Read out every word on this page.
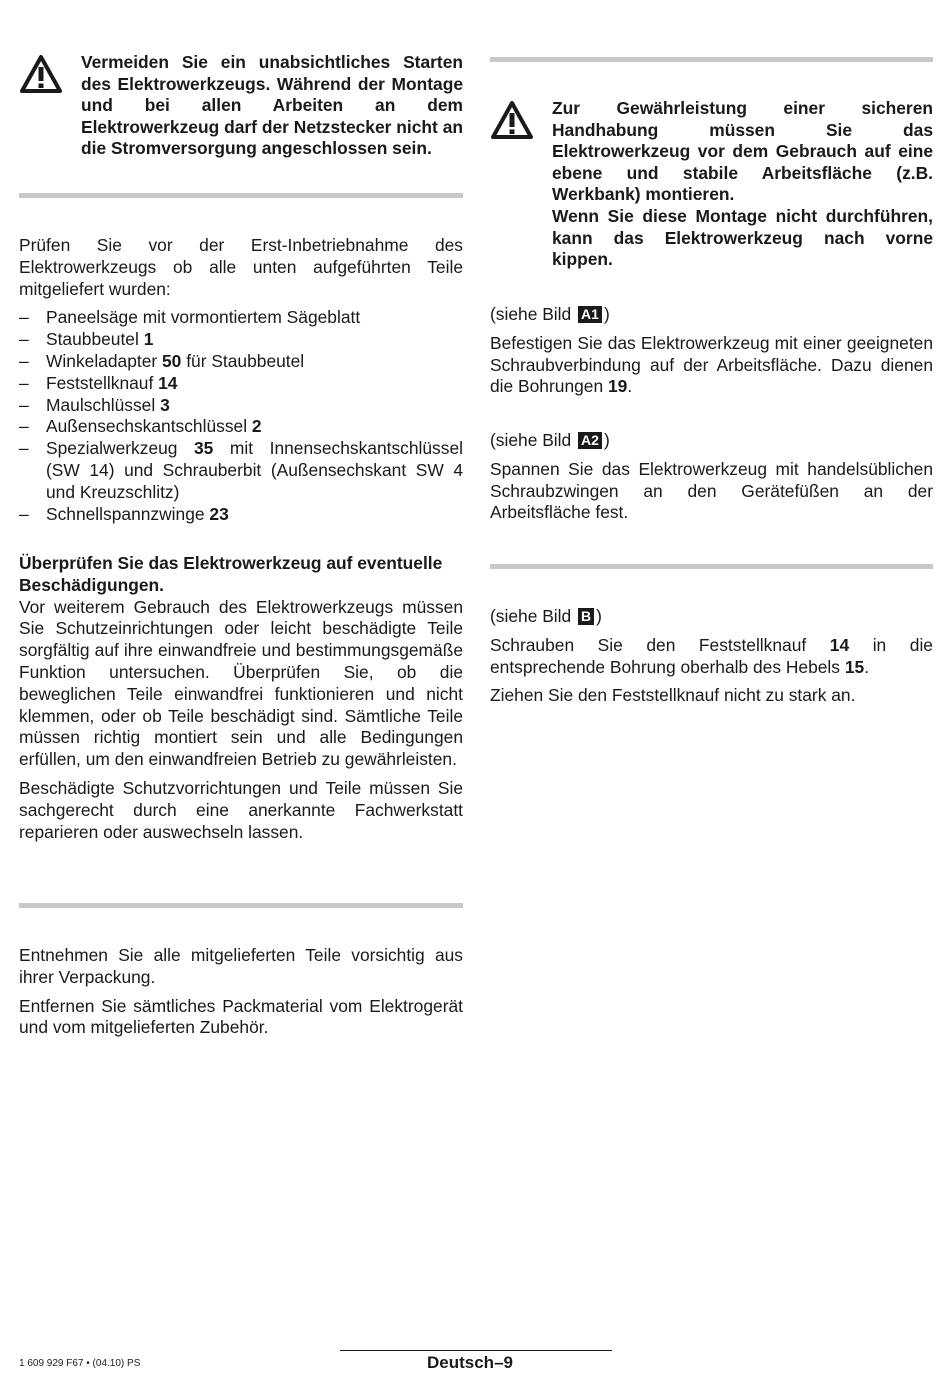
Vermeiden Sie ein unabsichtliches Starten des Elektrowerkzeugs. Während der Montage und bei allen Arbeiten an dem Elektrowerkzeug darf der Netzstecker nicht an die Stromversorgung angeschlossen sein.

Prüfen Sie vor der Erst-Inbetriebnahme des Elektrowerkzeugs ob alle unten aufgeführten Teile mitgeliefert wurden:

– Paneelsäge mit vormontiertem Sägeblatt
– Staubbeutel 1
– Winkeladapter 50 für Staubbeutel
– Feststellknauf 14
– Maulschlüssel 3
– Außensechskantschlüssel 2
– Spezialwerkzeug 35 mit Innensechskantschlüssel (SW 14) und Schrauberbit (Außensechskant SW 4 und Kreuzschlitz)
– Schnellspannzwinge 23
Überprüfen Sie das Elektrowerkzeug auf eventuelle Beschädigungen.

Vor weiterem Gebrauch des Elektrowerkzeugs müssen Sie Schutzeinrichtungen oder leicht beschädigte Teile sorgfältig auf ihre einwandfreie und bestimmungsgemäße Funktion untersuchen. Überprüfen Sie, ob die beweglichen Teile einwandfrei funktionieren und nicht klemmen, oder ob Teile beschädigt sind. Sämtliche Teile müssen richtig montiert sein und alle Bedingungen erfüllen, um den einwandfreien Betrieb zu gewährleisten.

Beschädigte Schutzvorrichtungen und Teile müssen Sie sachgerecht durch eine anerkannte Fachwerkstatt reparieren oder auswechseln lassen.

Entnehmen Sie alle mitgelieferten Teile vorsichtig aus ihrer Verpackung.

Entfernen Sie sämtliches Packmaterial vom Elektrogerät und vom mitgelieferten Zubehör.

Zur Gewährleistung einer sicheren Handhabung müssen Sie das Elektrowerkzeug vor dem Gebrauch auf eine ebene und stabile Arbeitsfläche (z.B. Werkbank) montieren.
Wenn Sie diese Montage nicht durchführen, kann das Elektrowerkzeug nach vorne kippen.
(siehe Bild A1 )

Befestigen Sie das Elektrowerkzeug mit einer geeigneten Schraubverbindung auf der Arbeitsfläche. Dazu dienen die Bohrungen 19.

(siehe Bild A2 )

Spannen Sie das Elektrowerkzeug mit handelsüblichen Schraubzwingen an den Gerätefüßen an der Arbeitsfläche fest.

(siehe Bild B )

Schrauben Sie den Feststellknauf 14 in die entsprechende Bohrung oberhalb des Hebels 15.

Ziehen Sie den Feststellknauf nicht zu stark an.

1 609 929 F67 • (04.10) PS	Deutsch–9
